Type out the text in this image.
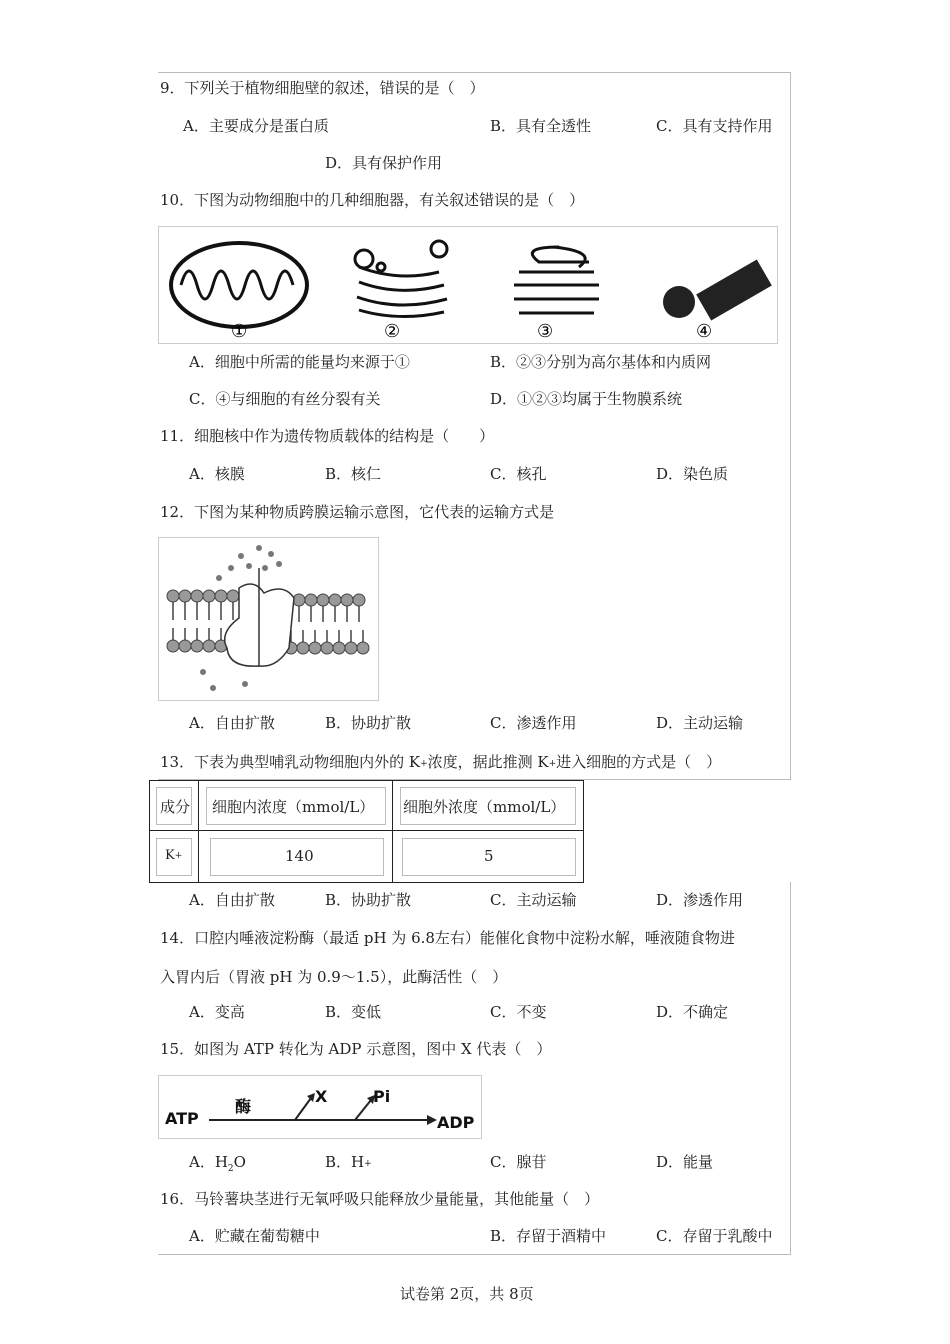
9．下列关于植物细胞壁的叙述，错误的是（　）
A．主要成分是蛋白质	B．具有全透性	C．具有支持作用
D．具有保护作用
10．下图为动物细胞中的几种细胞器，有关叙述错误的是（　）
①	②	③	④
A．细胞中所需的能量均来源于①	B．②③分别为高尔基体和内质网
C．④与细胞的有丝分裂有关	D．①②③均属于生物膜系统
11．细胞核中作为遗传物质载体的结构是（　　）
A．核膜	B．核仁	C．核孔	D．染色质
12．下图为某种物质跨膜运输示意图，它代表的运输方式是
A．自由扩散	B．协助扩散	C．渗透作用	D．主动运输
13．下表为典型哺乳动物细胞内外的 K+浓度，据此推测 K+进入细胞的方式是（　）
成分 细胞内浓度（mmol/L） 细胞外浓度（mmol/L）
K+	140	5
A．自由扩散	B．协助扩散	C．主动运输	D．渗透作用
14．口腔内唾液淀粉酶（最适 pH 为 6.8左右）能催化食物中淀粉水解，唾液随食物进
入胃内后（胃液 pH 为 0.9～1.5），此酶活性（　）
A．变高	B．变低	C．不变	D．不确定
15．如图为 ATP 转化为 ADP 示意图，图中 X 代表（　）
ATP
酶
X	Pi
ADP
A．$H_2O$	B．H+	C．腺苷	D．能量
16．马铃薯块茎进行无氧呼吸只能释放少量能量，其他能量（　）
A．贮藏在葡萄糖中	B．存留于酒精中	C．存留于乳酸中
试卷第 2页，共 8页
